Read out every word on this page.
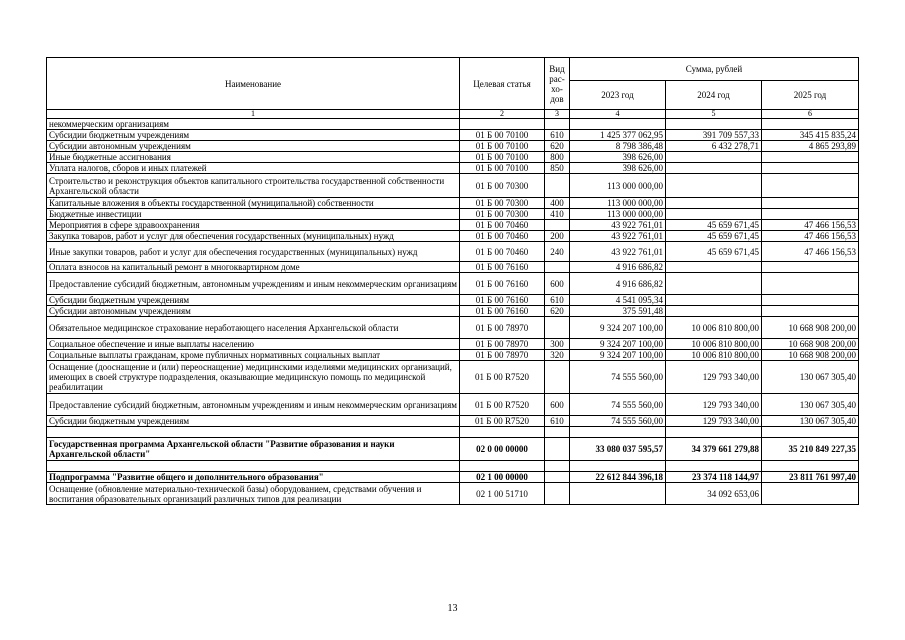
Наименование	Целевая статья	Вид рас- хо- дов	Сумма, рублей		
			2023 год	2024 год	2025 год
1	2	3	4	5	6
некоммерческим организациям					
Субсидии бюджетным учреждениям	01 Б 00 70100	610	1 425 377 062,95	391 709 557,33	345 415 835,24
Субсидии автономным учреждениям	01 Б 00 70100	620	8 798 386,48	6 432 278,71	4 865 293,89
Иные бюджетные ассигнования	01 Б 00 70100	800	398 626,00		
Уплата налогов, сборов и иных платежей	01 Б 00 70100	850	398 626,00		
Строительство и реконструкция объектов капитального строительства государственной собственности Архангельской области	01 Б 00 70300		113 000 000,00		
Капитальные вложения в объекты государственной (муниципальной) собственности	01 Б 00 70300	400	113 000 000,00		
Бюджетные инвестиции	01 Б 00 70300	410	113 000 000,00		
Мероприятия в сфере здравоохранения	01 Б 00 70460		43 922 761,01	45 659 671,45	47 466 156,53
Закупка товаров, работ и услуг для обеспечения государственных (муниципальных) нужд	01 Б 00 70460	200	43 922 761,01	45 659 671,45	47 466 156,53
Иные закупки товаров, работ и услуг для обеспечения государственных (муниципальных) нужд	01 Б 00 70460	240	43 922 761,01	45 659 671,45	47 466 156,53
Оплата взносов на капитальный ремонт в многоквартирном доме	01 Б 00 76160		4 916 686,82		
Предоставление субсидий бюджетным, автономным учреждениям и иным некоммерческим организациям	01 Б 00 76160	600	4 916 686,82		
Субсидии бюджетным учреждениям	01 Б 00 76160	610	4 541 095,34		
Субсидии автономным учреждениям	01 Б 00 76160	620	375 591,48		
Обязательное медицинское страхование неработающего населения Архангельской области	01 Б 00 78970		9 324 207 100,00	10 006 810 800,00	10 668 908 200,00
Социальное обеспечение и иные выплаты населению	01 Б 00 78970	300	9 324 207 100,00	10 006 810 800,00	10 668 908 200,00
Социальные выплаты гражданам, кроме публичных нормативных социальных выплат	01 Б 00 78970	320	9 324 207 100,00	10 006 810 800,00	10 668 908 200,00
Оснащение (дооснащение и (или) переоснащение) медицинскими изделиями медицинских организаций, имеющих в своей структуре подразделения, оказывающие медицинскую помощь по медицинской реабилитации	01 Б 00 R7520		74 555 560,00	129 793 340,00	130 067 305,40
Предоставление субсидий бюджетным, автономным учреждениям и иным некоммерческим организациям	01 Б 00 R7520	600	74 555 560,00	129 793 340,00	130 067 305,40
Субсидии бюджетным учреждениям	01 Б 00 R7520	610	74 555 560,00	129 793 340,00	130 067 305,40

Государственная программа Архангельской области "Развитие образования и науки Архангельской области"	02 0 00 00000		33 080 037 595,57	34 379 661 279,88	35 210 849 227,35

Подпрограмма "Развитие общего и дополнительного образования"	02 1 00 00000		22 612 844 396,18	23 374 118 144,97	23 811 761 997,40
Оснащение (обновление материально-технической базы) оборудованием, средствами обучения и воспитания образовательных организаций различных типов для реализации	02 1 00 51710			34 092 653,06	
13
